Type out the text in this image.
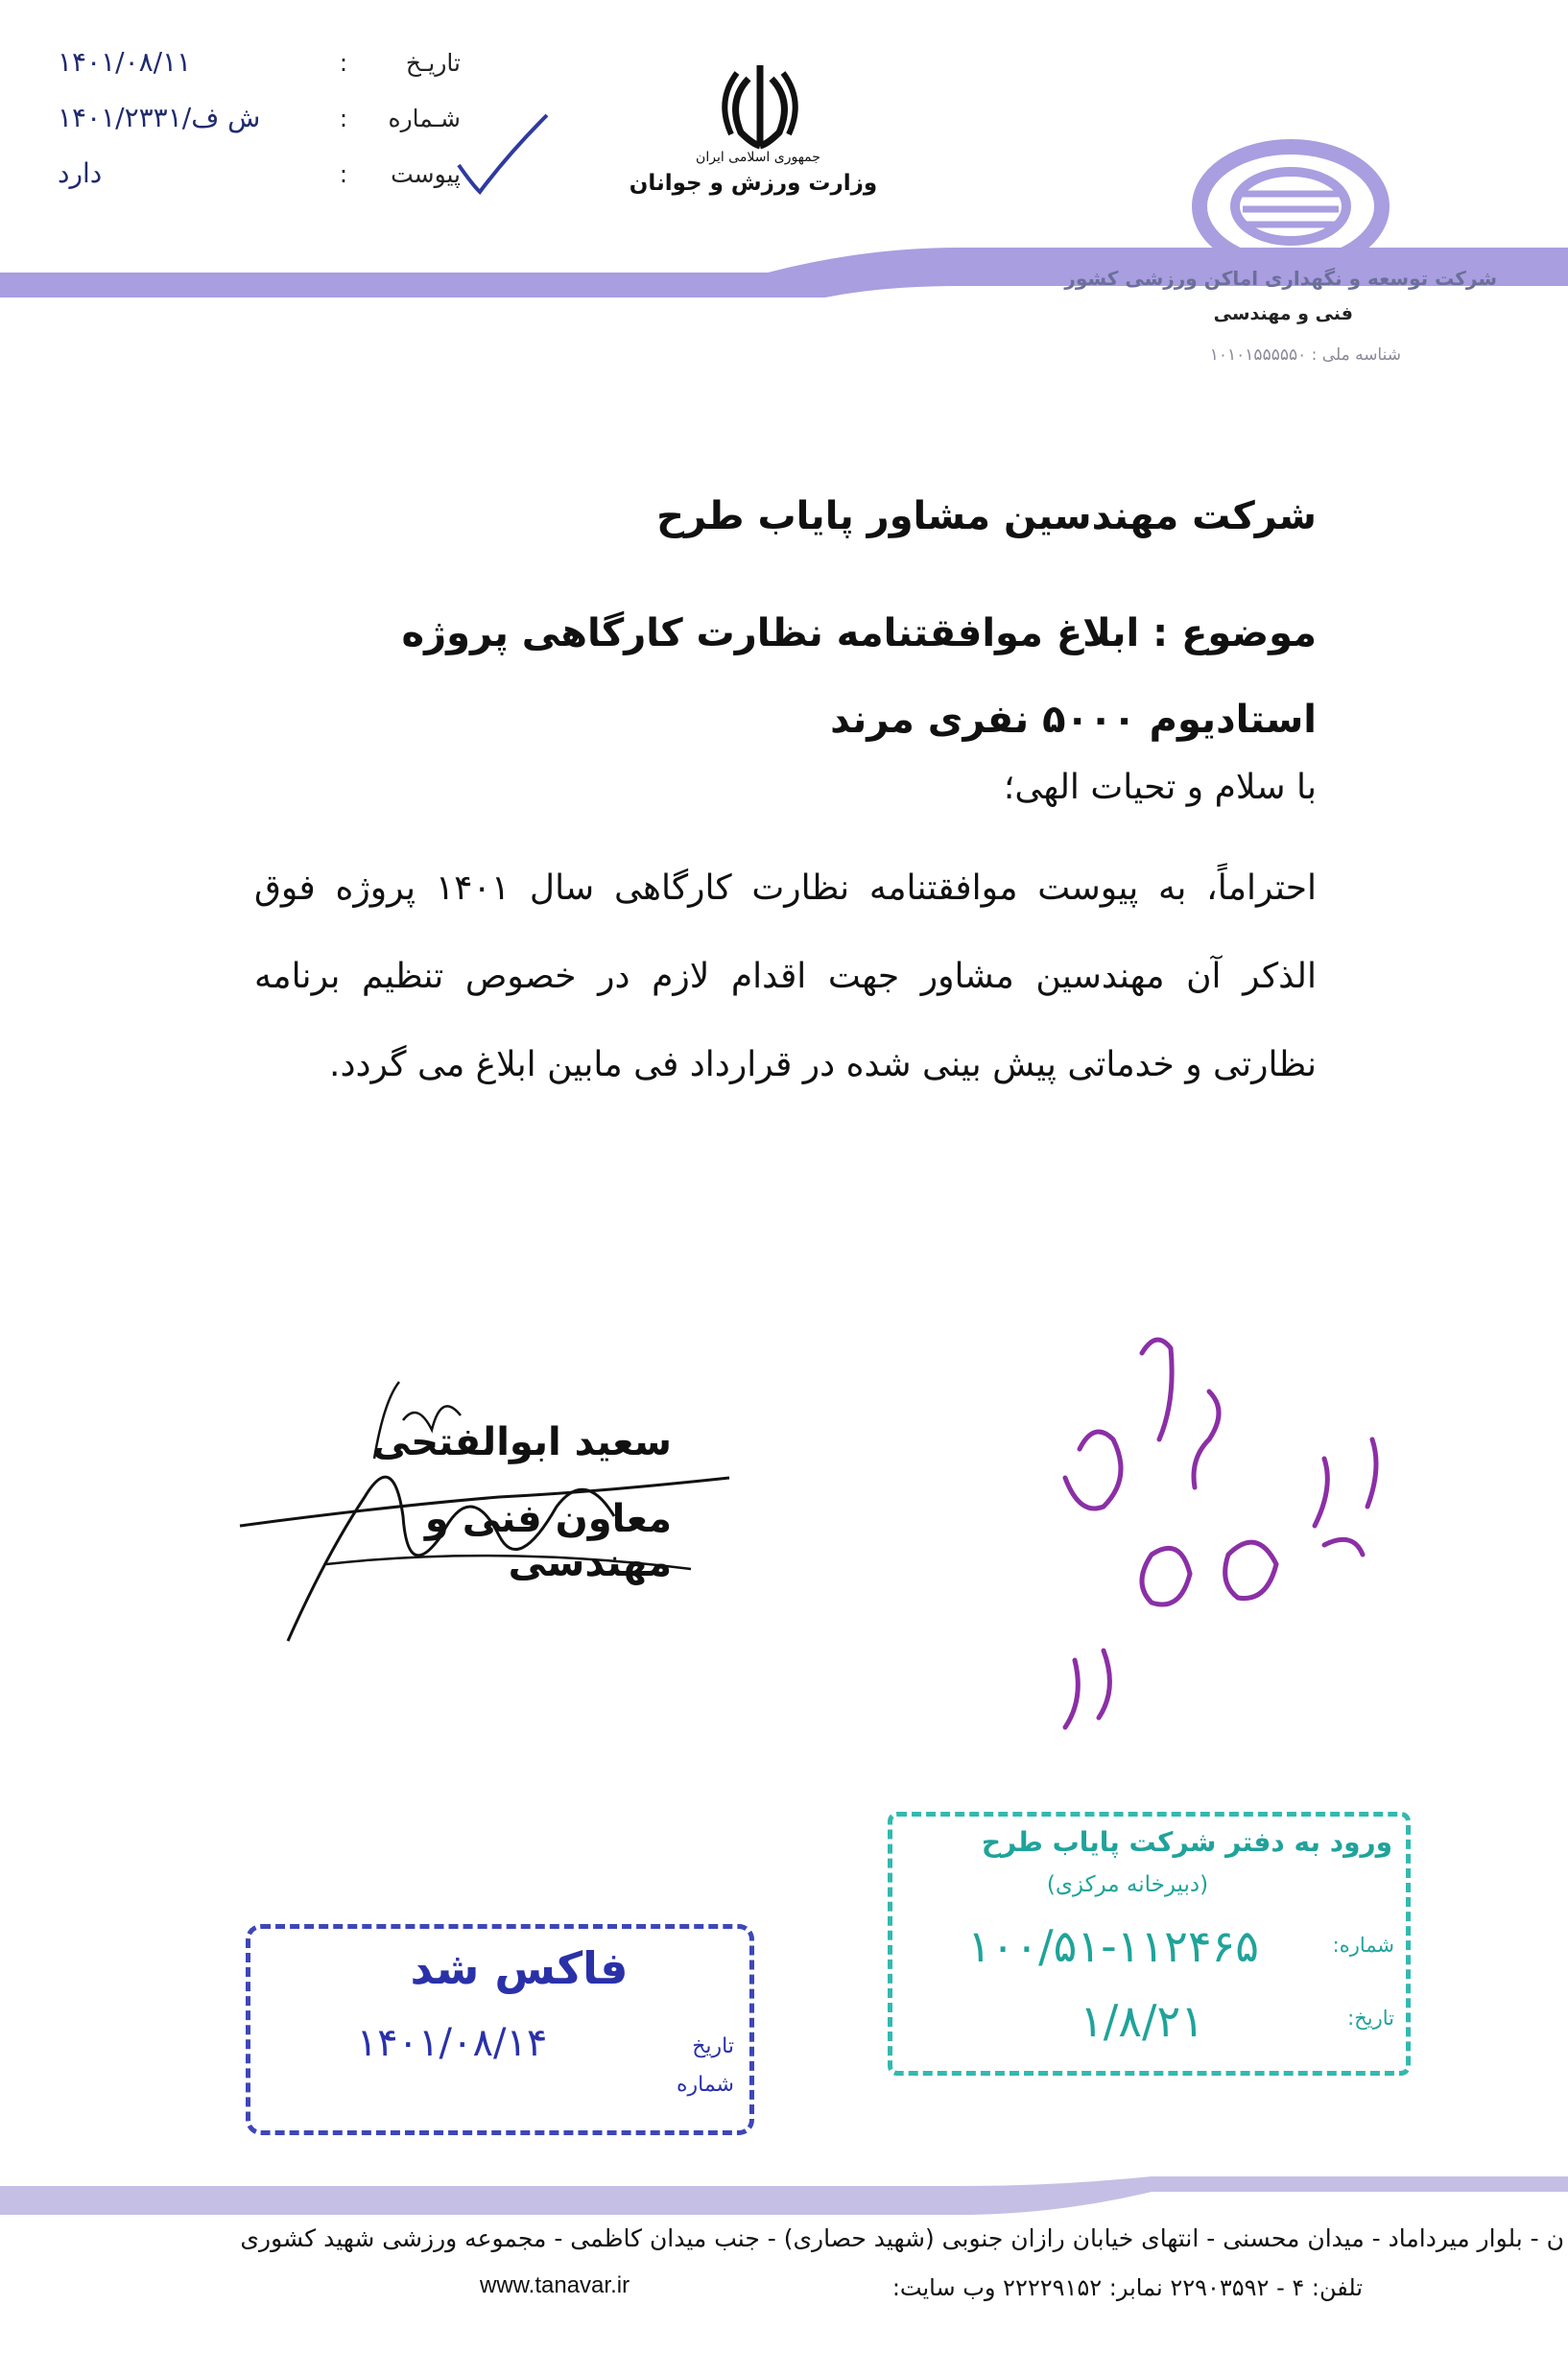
تاریـخ
:
۱۴۰۱/۰۸/۱۱
شـماره
:
۱۴۰۱/۲۳۳۱/ش ف
پیوست
:
دارد	جمهوری اسلامی ایران
وزارت ورزش و جوانان
شرکت توسعه و نگهداری اماکن ورزشی کشور
فنی و مهندسی
شناسه ملی : ۱۰۱۰۱۵۵۵۵۵۰
شرکت مهندسین مشاور پایاب طرح
موضوع : ابلاغ موافقتنامه نظارت کارگاهی پروژه استادیوم ۵۰۰۰ نفری مرند
با سلام و تحیات الهی؛
احتراماً، به پیوست موافقتنامه نظارت کارگاهی سال ۱۴۰۱ پروژه فوق الذکر آن مهندسین مشاور جهت اقدام لازم در خصوص تنظیم برنامه نظارتی و خدماتی پیش بینی شده در قرارداد فی مابین ابلاغ می گردد.
سعید ابوالفتحی
معاون فنی و مهندسی
فاکس شد
۱۴۰۱/۰۸/۱۴	تاریخ
شماره
ورود به دفتر شرکت پایاب طرح
(دبیرخانه مرکزی)
شماره:
۱۰۰/۵۱-۱۱۲۴۶۵
تاریخ:
۱/۸/۲۱
ن - بلوار میرداماد - میدان محسنی - انتهای خیابان رازان جنوبی (شهید حصاری) - جنب میدان کاظمی - مجموعه ورزشی شهید کشوری
تلفن: ۴ - ۲۲۹۰۳۵۹۲ نمابر: ۲۲۲۲۹۱۵۲ وب سایت:
www.tanavar.ir
